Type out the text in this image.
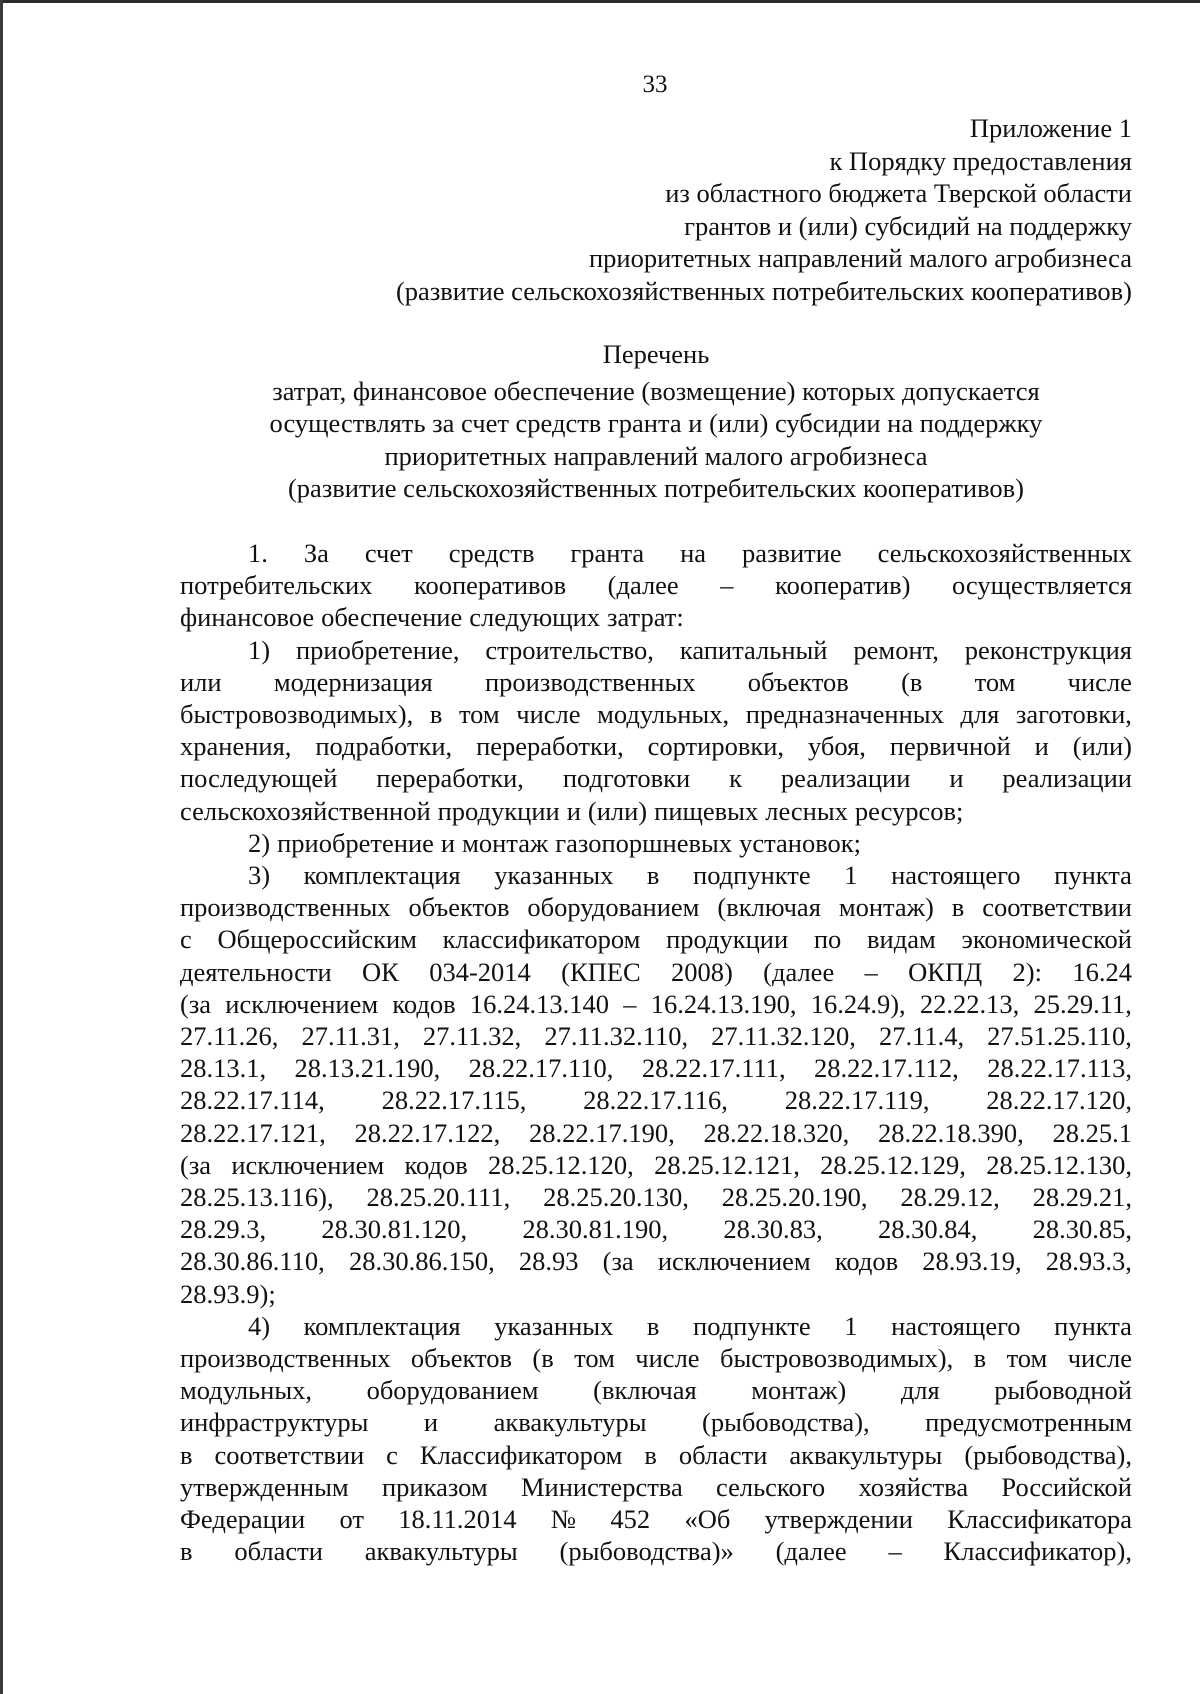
33
Приложение 1
к Порядку предоставления
из областного бюджета Тверской области
грантов и (или) субсидий на поддержку
приоритетных направлений малого агробизнеса
(развитие сельскохозяйственных потребительских кооперативов)
Перечень
затрат, финансовое обеспечение (возмещение) которых допускается
осуществлять за счет средств гранта и (или) субсидии на поддержку
приоритетных направлений малого агробизнеса
(развитие сельскохозяйственных потребительских кооперативов)
1. За счет средств гранта на развитие сельскохозяйственных
потребительских кооперативов (далее – кооператив) осуществляется
финансовое обеспечение следующих затрат:
1) приобретение, строительство, капитальный ремонт, реконструкция
или модернизация производственных объектов (в том числе
быстровозводимых), в том числе модульных, предназначенных для заготовки,
хранения, подработки, переработки, сортировки, убоя, первичной и (или)
последующей переработки, подготовки к реализации и реализации
сельскохозяйственной продукции и (или) пищевых лесных ресурсов;
2) приобретение и монтаж газопоршневых установок;
3) комплектация указанных в подпункте 1 настоящего пункта
производственных объектов оборудованием (включая монтаж) в соответствии
с Общероссийским классификатором продукции по видам экономической
деятельности ОК 034-2014 (КПЕС 2008) (далее – ОКПД 2): 16.24
(за исключением кодов 16.24.13.140 – 16.24.13.190, 16.24.9), 22.22.13, 25.29.11,
27.11.26, 27.11.31, 27.11.32, 27.11.32.110, 27.11.32.120, 27.11.4, 27.51.25.110,
28.13.1, 28.13.21.190, 28.22.17.110, 28.22.17.111, 28.22.17.112, 28.22.17.113,
28.22.17.114, 28.22.17.115, 28.22.17.116, 28.22.17.119, 28.22.17.120,
28.22.17.121, 28.22.17.122, 28.22.17.190, 28.22.18.320, 28.22.18.390, 28.25.1
(за исключением кодов 28.25.12.120, 28.25.12.121, 28.25.12.129, 28.25.12.130,
28.25.13.116), 28.25.20.111, 28.25.20.130, 28.25.20.190, 28.29.12, 28.29.21,
28.29.3, 28.30.81.120, 28.30.81.190, 28.30.83, 28.30.84, 28.30.85,
28.30.86.110, 28.30.86.150, 28.93 (за исключением кодов 28.93.19, 28.93.3,
28.93.9);
4) комплектация указанных в подпункте 1 настоящего пункта
производственных объектов (в том числе быстровозводимых), в том числе
модульных, оборудованием (включая монтаж) для рыбоводной
инфраструктуры и аквакультуры (рыбоводства), предусмотренным
в соответствии с Классификатором в области аквакультуры (рыбоводства),
утвержденным приказом Министерства сельского хозяйства Российской
Федерации от 18.11.2014 № 452 «Об утверждении Классификатора
в области аквакультуры (рыбоводства)» (далее – Классификатор),
